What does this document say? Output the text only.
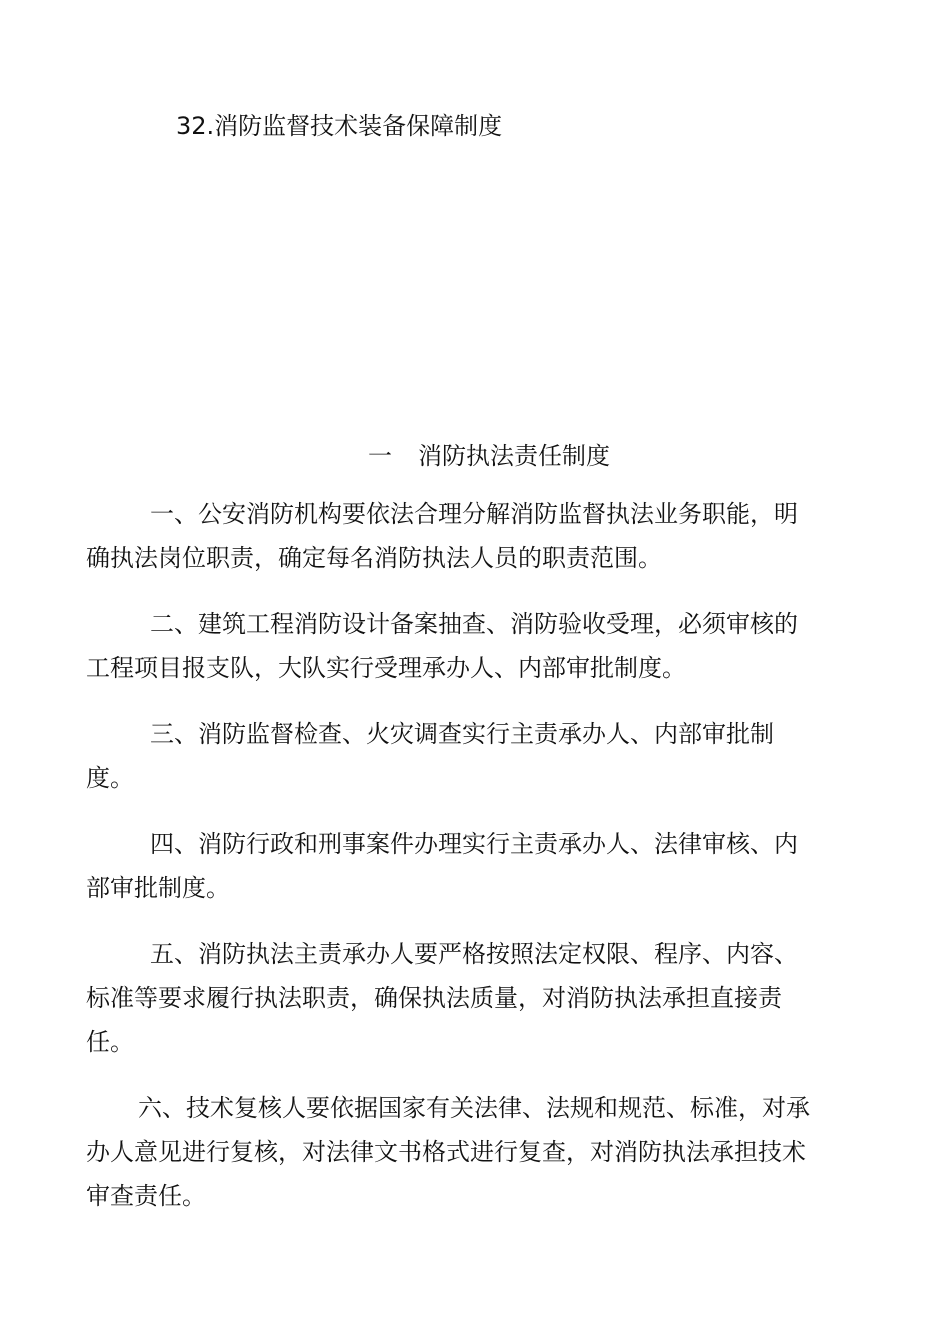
32.消防监督技术装备保障制度
一 消防执法责任制度
一、公安消防机构要依法合理分解消防监督执法业务职能，明
确执法岗位职责，确定每名消防执法人员的职责范围。
二、建筑工程消防设计备案抽查、消防验收受理，必须审核的
工程项目报支队，大队实行受理承办人、内部审批制度。
三、消防监督检查、火灾调查实行主责承办人、内部审批制
度。
四、消防行政和刑事案件办理实行主责承办人、法律审核、内
部审批制度。
五、消防执法主责承办人要严格按照法定权限、程序、内容、
标准等要求履行执法职责，确保执法质量，对消防执法承担直接责
任。
六、技术复核人要依据国家有关法律、法规和规范、标准，对承
办人意见进行复核，对法律文书格式进行复查，对消防执法承担技术
审查责任。
